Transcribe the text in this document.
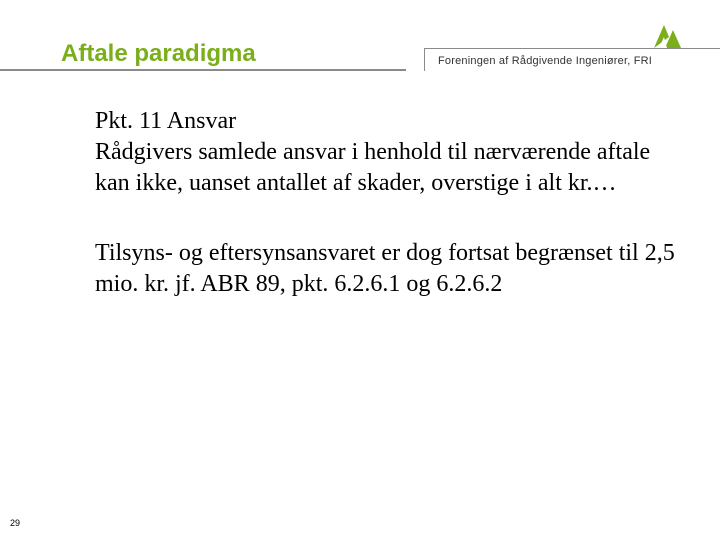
Aftale paradigma	Foreningen af Rådgivende Ingeniører, FRI

Pkt. 11 Ansvar

Rådgivers samlede ansvar i henhold til nærværende aftale kan ikke, uanset antallet af skader, overstige i alt kr.…

Tilsyns- og eftersynsansvaret er dog fortsat begrænset til 2,5 mio. kr. jf. ABR 89, pkt. 6.2.6.1 og 6.2.6.2

29
